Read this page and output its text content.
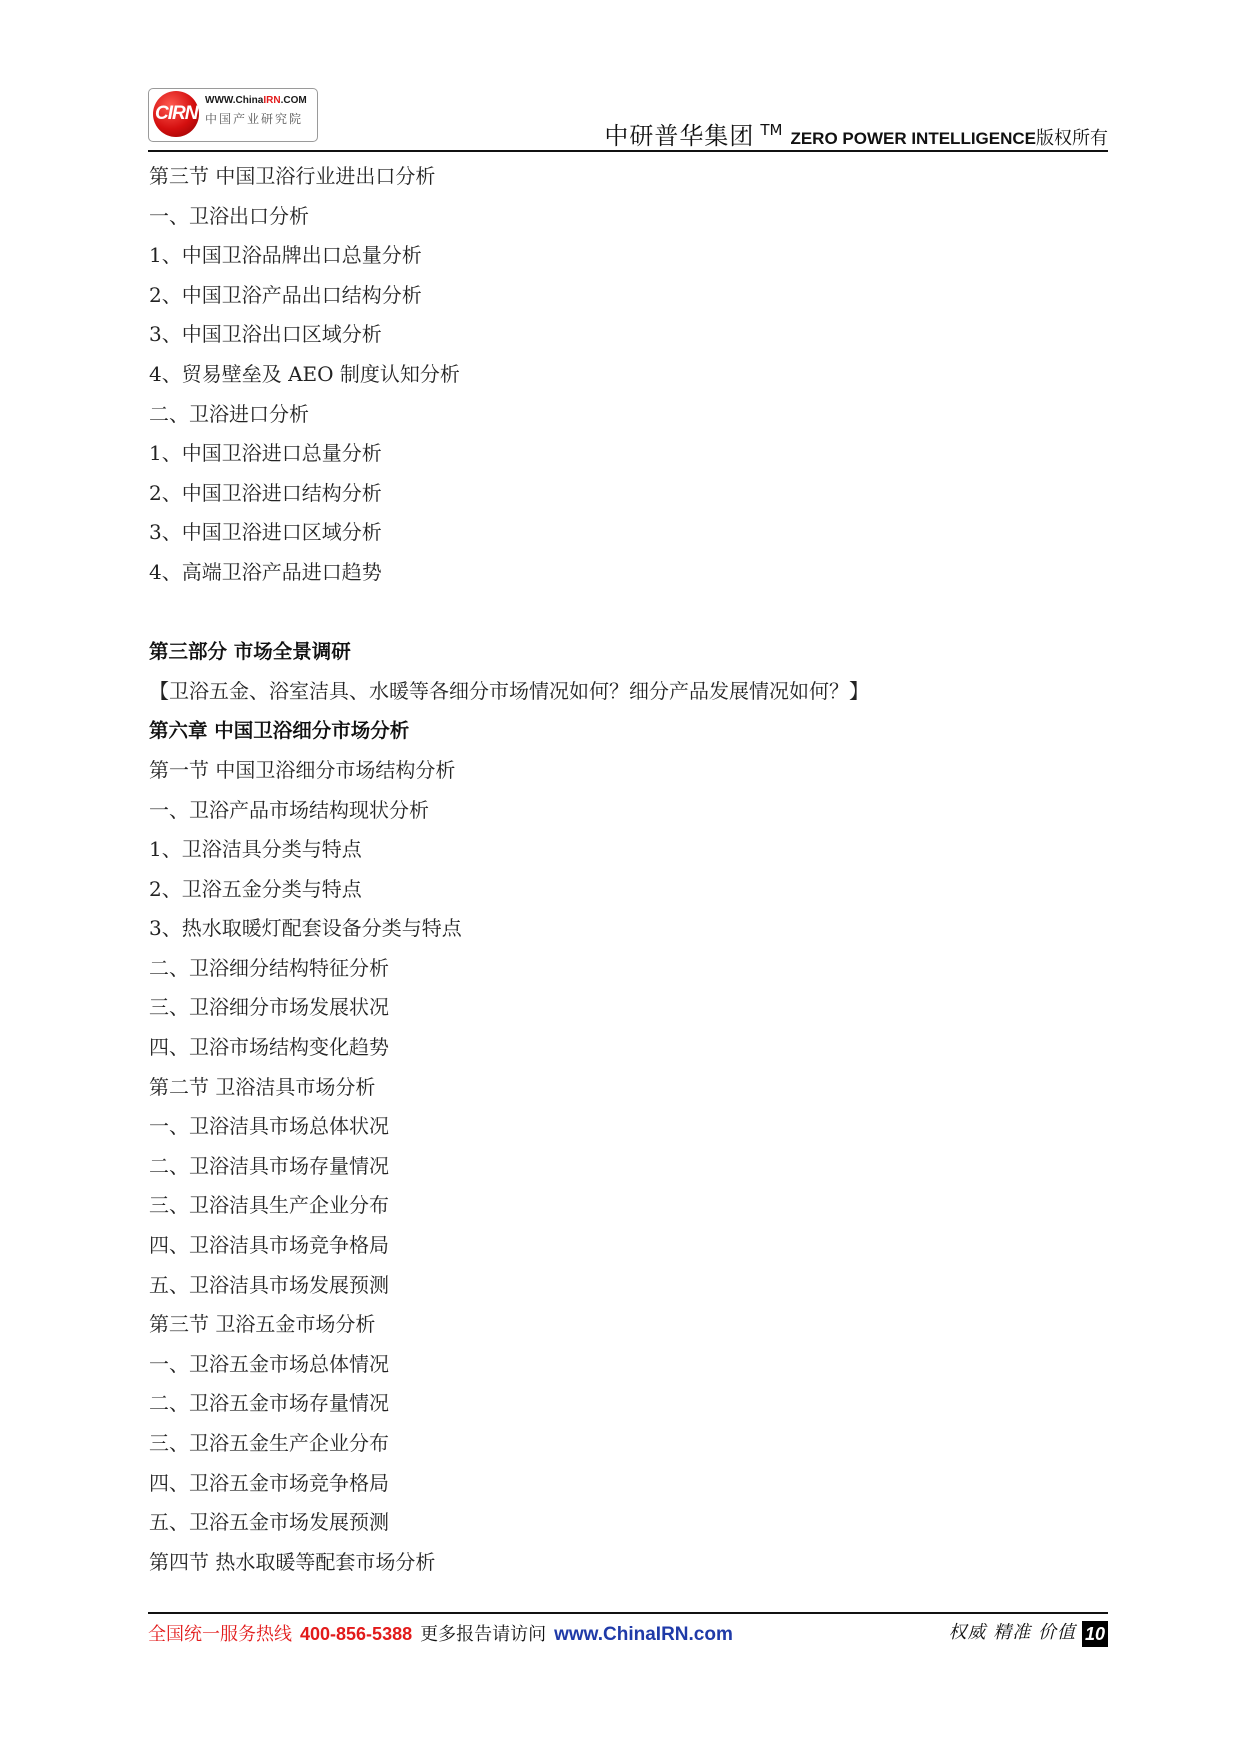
CIRN
WWW.ChinaIRN.COM
中国产业研究院
中研普华集团 TM ZERO POWER INTELLIGENCE版权所有
第三节 中国卫浴行业进出口分析
一、卫浴出口分析
1、中国卫浴品牌出口总量分析
2、中国卫浴产品出口结构分析
3、中国卫浴出口区域分析
4、贸易壁垒及 AEO 制度认知分析
二、卫浴进口分析
1、中国卫浴进口总量分析
2、中国卫浴进口结构分析
3、中国卫浴进口区域分析
4、高端卫浴产品进口趋势
第三部分 市场全景调研
【卫浴五金、浴室洁具、水暖等各细分市场情况如何？细分产品发展情况如何？】
第六章 中国卫浴细分市场分析
第一节 中国卫浴细分市场结构分析
一、卫浴产品市场结构现状分析
1、卫浴洁具分类与特点
2、卫浴五金分类与特点
3、热水取暖灯配套设备分类与特点
二、卫浴细分结构特征分析
三、卫浴细分市场发展状况
四、卫浴市场结构变化趋势
第二节 卫浴洁具市场分析
一、卫浴洁具市场总体状况
二、卫浴洁具市场存量情况
三、卫浴洁具生产企业分布
四、卫浴洁具市场竞争格局
五、卫浴洁具市场发展预测
第三节 卫浴五金市场分析
一、卫浴五金市场总体情况
二、卫浴五金市场存量情况
三、卫浴五金生产企业分布
四、卫浴五金市场竞争格局
五、卫浴五金市场发展预测
第四节 热水取暖等配套市场分析
全国统一服务热线 400-856-5388 更多报告请访问 www.ChinaIRN.com	权威 精准 价值 10
